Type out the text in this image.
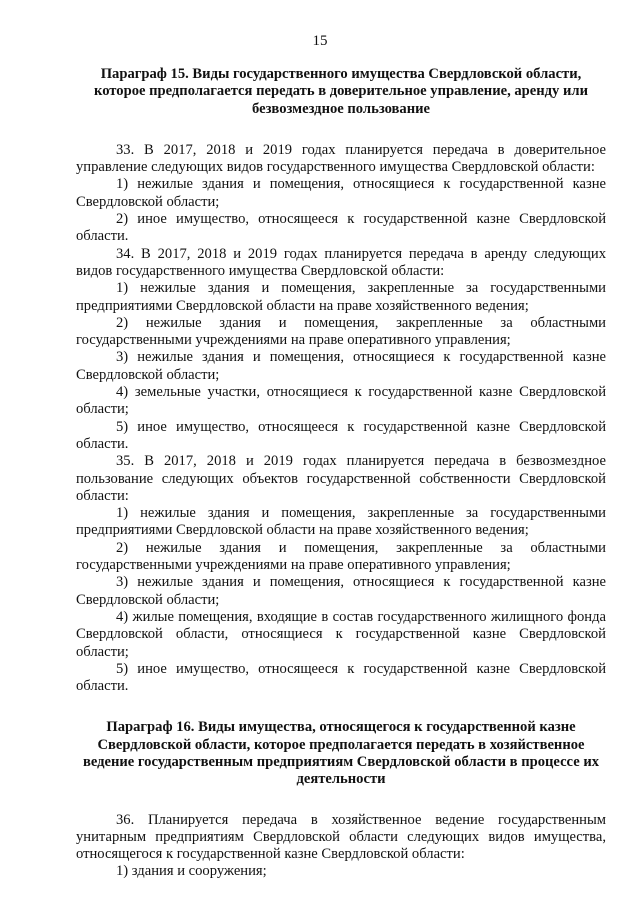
15

Параграф 15. Виды государственного имущества Свердловской области, которое предполагается передать в доверительное управление, аренду или безвозмездное пользование

33. В 2017, 2018 и 2019 годах планируется передача в доверительное управление следующих видов государственного имущества Свердловской области:

1) нежилые здания и помещения, относящиеся к государственной казне Свердловской области;

2) иное имущество, относящееся к государственной казне Свердловской области.

34. В 2017, 2018 и 2019 годах планируется передача в аренду следующих видов государственного имущества Свердловской области:

1) нежилые здания и помещения, закрепленные за государственными предприятиями Свердловской области на праве хозяйственного ведения;

2) нежилые здания и помещения, закрепленные за областными государственными учреждениями на праве оперативного управления;

3) нежилые здания и помещения, относящиеся к государственной казне Свердловской области;

4) земельные участки, относящиеся к государственной казне Свердловской области;

5) иное имущество, относящееся к государственной казне Свердловской области.

35. В 2017, 2018 и 2019 годах планируется передача в безвозмездное пользование следующих объектов государственной собственности Свердловской области:

1) нежилые здания и помещения, закрепленные за государственными предприятиями Свердловской области на праве хозяйственного ведения;

2) нежилые здания и помещения, закрепленные за областными государственными учреждениями на праве оперативного управления;

3) нежилые здания и помещения, относящиеся к государственной казне Свердловской области;

4) жилые помещения, входящие в состав государственного жилищного фонда Свердловской области, относящиеся к государственной казне Свердловской области;

5) иное имущество, относящееся к государственной казне Свердловской области.

Параграф 16. Виды имущества, относящегося к государственной казне Свердловской области, которое предполагается передать в хозяйственное ведение государственным предприятиям Свердловской области в процессе их деятельности

36. Планируется передача в хозяйственное ведение государственным унитарным предприятиям Свердловской области следующих видов имущества, относящегося к государственной казне Свердловской области:

1) здания и сооружения;
